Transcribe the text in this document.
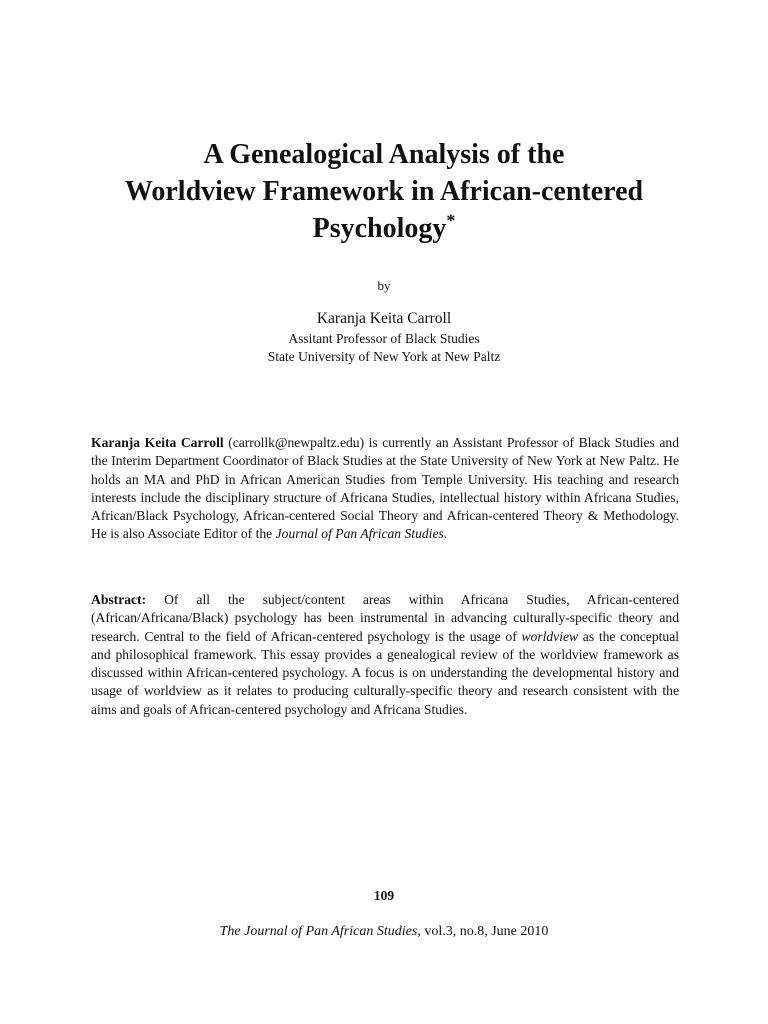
A Genealogical Analysis of the
Worldview Framework in African-centered
Psychology*
by
Karanja Keita Carroll
Assitant Professor of Black Studies
State University of New York at New Paltz

Karanja Keita Carroll (carrollk@newpaltz.edu) is currently an Assistant Professor of Black Studies and the Interim Department Coordinator of Black Studies at the State University of New York at New Paltz. He holds an MA and PhD in African American Studies from Temple University. His teaching and research interests include the disciplinary structure of Africana Studies, intellectual history within Africana Studies, African/Black Psychology, African-centered Social Theory and African-centered Theory & Methodology. He is also Associate Editor of the Journal of Pan African Studies.

Abstract: Of all the subject/content areas within Africana Studies, African-centered (African/Africana/Black) psychology has been instrumental in advancing culturally-specific theory and research. Central to the field of African-centered psychology is the usage of worldview as the conceptual and philosophical framework. This essay provides a genealogical review of the worldview framework as discussed within African-centered psychology. A focus is on understanding the developmental history and usage of worldview as it relates to producing culturally-specific theory and research consistent with the aims and goals of African-centered psychology and Africana Studies.

109
The Journal of Pan African Studies, vol.3, no.8, June 2010
